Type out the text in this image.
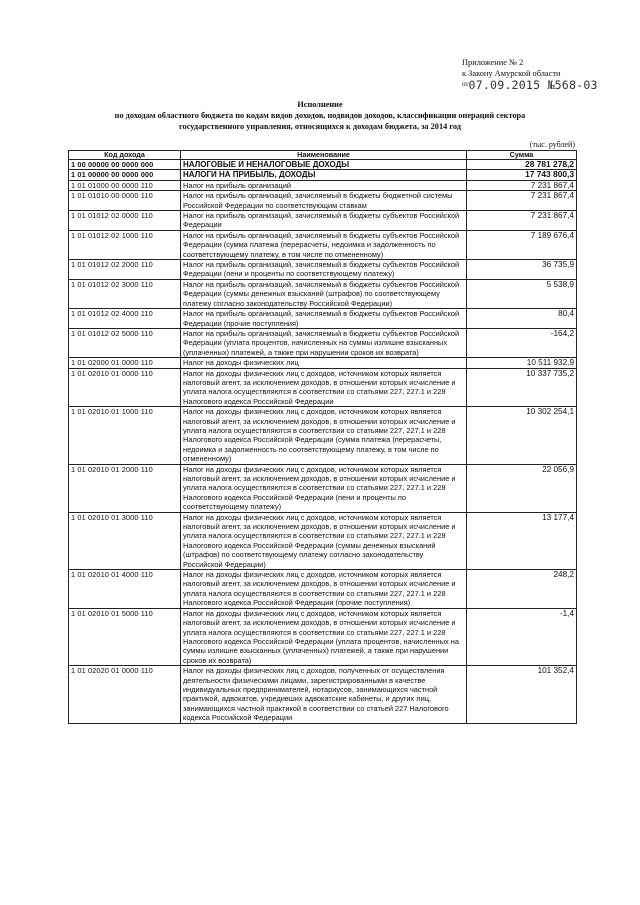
Приложение № 2
к Закону Амурской области
$^{от}$07.09.2015 №568-03
Исполнение
по доходам областного бюджета по кодам видов доходов, подвидов доходов, классификации операций сектора
государственного управления, относящихся к доходам бюджета, за 2014 год
(тыс. рублей)
Код дохода	Наименование	Сумма
1 00 00000 00 0000 000	НАЛОГОВЫЕ И НЕНАЛОГОВЫЕ ДОХОДЫ	28 781 278,2
1 01 00000 00 0000 000	НАЛОГИ НА ПРИБЫЛЬ, ДОХОДЫ	17 743 800,3
1 01 01000 00 0000 110	Налог на прибыль организаций	7 231 867,4
1 01 01010 00 0000 110	Налог на прибыль организаций, зачисляемый в бюджеты бюджетной системы Российской Федерации по соответствующим ставкам	7 231 867,4
1 01 01012 02 0000 110	Налог на прибыль организаций, зачисляемый в бюджеты субъектов Российской Федерации	7 231 867,4
1 01 01012 02 1000 110	Налог на прибыль организаций, зачисляемый в бюджеты субъектов Российской Федерации (сумма платежа (перерасчеты, недоимка и задолженность по соответствующему платежу, в том числе по отмененному)	7 189 676,4
1 01 01012 02 2000 110	Налог на прибыль организаций, зачисляемый в бюджеты субъектов Российской Федерации (пени и проценты по соответствующему платежу)	36 735,9
1 01 01012 02 3000 110	Налог на прибыль организаций, зачисляемый в бюджеты субъектов Российской Федерации (суммы денежных взысканий (штрафов) по соответствующему платежу согласно законодательству Российской Федерации)	5 538,9
1 01 01012 02 4000 110	Налог на прибыль организаций, зачисляемый в бюджеты субъектов Российской Федерации (прочие поступления)	80,4
1 01 01012 02 5000 110	Налог на прибыль организаций, зачисляемый в бюджеты субъектов Российской Федерации (уплата процентов, начисленных на суммы излишне взысканных (уплаченных) платежей, а также при нарушении сроков их возврата)	-164,2
1 01 02000 01 0000 110	Налог на доходы физических лиц	10 511 932,9
1 01 02010 01 0000 110	Налог на доходы физических лиц с доходов, источником которых является налоговый агент, за исключением доходов, в отношении которых исчисление и уплата налога осуществляются в соответствии со статьями 227, 227.1 и 228 Налогового кодекса Российской Федерации	10 337 735,2
1 01 02010 01 1000 110	Налог на доходы физических лиц с доходов, источником которых является налоговый агент, за исключением доходов, в отношении которых исчисление и уплата налога осуществляются в соответствии со статьями 227, 227.1 и 228 Налогового кодекса Российской Федерации (сумма платежа (перерасчеты, недоимка и задолженность по соответствующему платежу, в том числе по отмененному)	10 302 254,1
1 01 02010 01 2000 110	Налог на доходы физических лиц с доходов, источником которых является налоговый агент, за исключением доходов, в отношении которых исчисление и уплата налога осуществляются в соответствии со статьями 227, 227.1 и 228 Налогового кодекса Российской Федерации (пени и проценты по соответствующему платежу)	22 056,9
1 01 02010 01 3000 110	Налог на доходы физических лиц с доходов, источником которых является налоговый агент, за исключением доходов, в отношении которых исчисление и уплата налога осуществляются в соответствии со статьями 227, 227.1 и 228 Налогового кодекса Российской Федерации (суммы денежных взысканий (штрафов) по соответствующему платежу согласно законодательству Российской Федерации)	13 177,4
1 01 02010 01 4000 110	Налог на доходы физических лиц с доходов, источником которых является налоговый агент, за исключением доходов, в отношении которых исчисление и уплата налога осуществляются в соответствии со статьями 227, 227.1 и 228 Налогового кодекса Российской Федерации (прочие поступления)	248,2
1 01 02010 01 5000 110	Налог на доходы физических лиц с доходов, источником которых является налоговый агент, за исключением доходов, в отношении которых исчисление и уплата налога осуществляются в соответствии со статьями 227, 227.1 и 228 Налогового кодекса Российской Федерации (уплата процентов, начисленных на суммы излишне взысканных (уплаченных) платежей, а также при нарушении сроков их возврата)	-1,4
1 01 02020 01 0000 110	Налог на доходы физических лиц с доходов, полученных от осуществления деятельности физическими лицами, зарегистрированными в качестве индивидуальных предпринимателей, нотариусов, занимающихся частной практикой, адвокатов, учредивших адвокатские кабинеты, и других лиц, занимающихся частной практикой в соответствии со статьей 227 Налогового кодекса Российской Федерации	101 352,4
